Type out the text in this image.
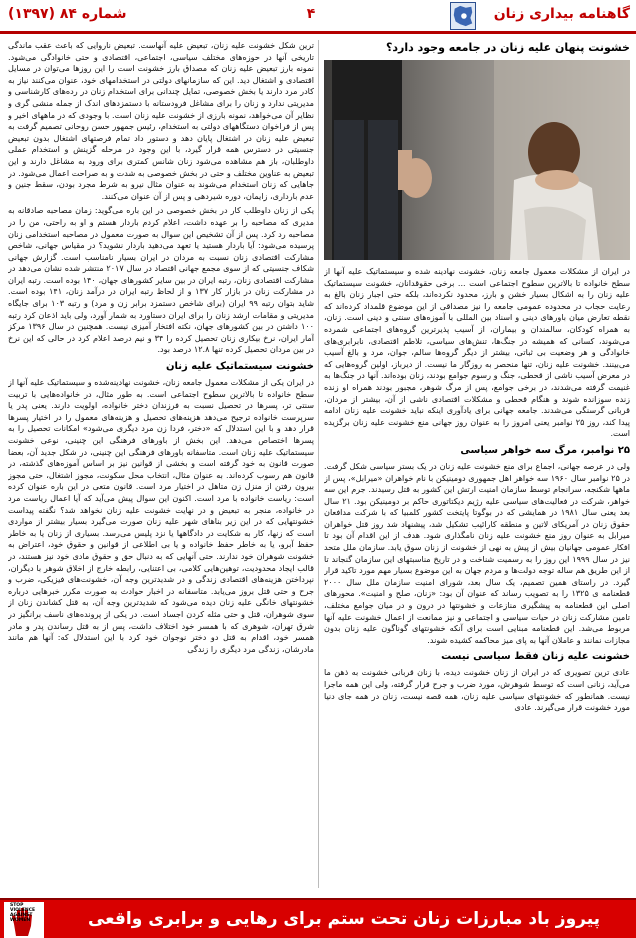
گاهنامه بیداری زنان
۴
شماره ۸۴ (۱۳۹۷)
خشونت پنهان علیه زنان در جامعه وجود دارد؟

در ایران از مشکلات معمول جامعه زنان، خشونت نهادینه شده و سیستماتیک علیه آنها از سطح خانواده تا بالاترین سطوح اجتماعی است ... برخی حقوقدانان، خشونت سیستماتیک علیه زنان را به اشکال بسیار خشن و بارز، محدود نکرده‌اند، بلکه حتی اجبار زنان بالغ به رعایت حجاب در محدوده عمومی جامعه را نیز مصداقی از این موضوع قلمداد کرده‌اند که نقطه تعارض میان باورهای دینی و اسناد بین المللی با آموزه‌های سنتی و دینی است. زنان، به همراه کودکان، سالمندان و بیماران، از آسیب پذیرترین گروه‌های اجتماعی شمرده می‌شوند، کسانی که همیشه در جنگ‌ها، تنش‌های سیاسی، تلاطم اقتصادی، نابرابری‌های خانوادگی و هر وضعیت بی ثباتی، بیشتر از دیگر گروه‌ها سالم، جوان، مرد و بالغ آسیب می‌بینند. خشونت علیه زنان، تنها منحصر به روزگار ما نیست. از دیرباز، اولین گروه‌هایی که در معرض آسیب ناشی از قحطی، جنگ و رسوم جوامع بودند، زنان بوده‌اند. آنها در جنگ‌ها به غنیمت گرفته می‌شدند، در برخی جوامع، پس از مرگ شوهر، مجبور بودند همراه او زنده زنده سوزانده شوند و هنگام قحطی و مشکلات اقتصادی ناشی از آن، بیشتر از مردان، قربانی گرسنگی می‌شدند. جامعه جهانی برای یادآوری اینکه نباید خشونت علیه زنان ادامه پیدا کند، روز ۲۵ نوامبر یعنی امروز را به عنوان روز جهانی منع خشونت علیه زنان برگزیده است.

۲۵ نوامبر، مرگ سه خواهر سیاسی

ولی در عرصه جهانی، اجماع برای منع خشونت علیه زنان در یک بستر سیاسی شکل گرفت. در ۲۵ نوامبر سال ۱۹۶۰ سه خواهر اهل جمهوری دومینیکن با نام خواهران «میرابل»، پس از ماهها شکنجه، سرانجام توسط سازمان امنیت ارتش این کشور به قتل رسیدند. جرم این سه خواهر، شرکت در فعالیت‌های سیاسی علیه رژیم دیکتاتوری حاکم بر دومینیکن بود. ۲۱ سال بعد یعنی سال ۱۹۸۱ در همایشی که در بوگوتا پایتخت کشور کلمبیا که با شرکت مدافعان حقوق زنان در آمریکای لاتین و منطقه کارائیب تشکیل شد، پیشنهاد شد روز قتل خواهران میرابل به عنوان روز منع خشونت علیه زنان نامگذاری شود. هدف از این اقدام آن بود تا افکار عمومی جهانیان بیش از پیش به نهی از خشونت از زنان سوق یابد. سازمان ملل متحد نیز در سال ۱۹۹۹ این روز را به رسمیت شناخت و در تاریخ مناسبتهای این سازمان گنجاند تا از این طریق هم ساله توجه دولت‌ها و مردم جهان به این موضوع بسیار مهم مورد تاکید قرار گیرد. در راستای همین تصمیم، یک سال بعد، شورای امنیت سازمان ملل سال ۲۰۰۰ قطعنامه ی ۱۳۲۵ را به تصویب رساند که عنوان آن بود: «زنان، صلح و امنیت». محورهای اصلی این قطعنامه به پیشگیری منازعات و خشونتها در درون و در میان جوامع مختلف، تامین مشارکت زنان در حیات سیاسی و اجتماعی و نیز ممانعت از اعمال خشونت علیه آنها مربوط می‌شد. این قطعنامه مبنایی است برای آنکه خشونتهای گوناگون علیه زنان بدون مجازات نمانند و عاملان آنها به پای میز محاکمه کشیده شوند.

خشونت علیه زنان فقط سیاسی نیست

عادی ترین تصویری که در ایران از زنان خشونت دیده، با زنان قربانی خشونت به ذهن ما می‌آید، زنانی است که توسط شوهرش، مورد ضرب و جرح قرار گرفته، ولی این همه ماجرا نیست. همانطور که خشونتهای سیاسی علیه زنان، همه قصه نیست، زنان در همه جای دنیا مورد خشونت قرار می‌گیرند. عادی

ترین شکل خشونت علیه زنان، تبعیض علیه آنهاست. تبعیض ناروایی که باعث عقب ماندگی تاریخی آنها در حوزه‌های مختلف سیاسی، اجتماعی، اقتصادی و حتی خانوادگی می‌شود. نمونه بارز تبعیض علیه زنان که مصداق بارز خشونت است را این روزها می‌توان در مسایل اقتصادی و اشتغال دید. این که سازمانهای دولتی در استخدامهای خود، عنوان می‌کنند نیاز به کادر مرد دارند یا بخش خصوصی، تمایل چندانی برای استخدام زنان در رده‌های کارشناسی و مدیریتی ندارد و زنان را برای مشاغل فرودستانه با دستمزدهای اندک از جمله منشی گری و نظایر آن می‌خواهد، نمونه بارزی از خشونت علیه زنان است. با وجودی که در ماههای اخیر و پس از فراخوان دستگاههای دولتی به استخدام، رئیس جمهور حسن روحانی تصمیم گرفت به تبعیض علیه زنان در اشتغال پایان دهد و دستور داد تمام فرصتهای اشتغال بدون تبعیض جنسیتی در دسترس همه قرار گیرد، با این وجود در مرحله گزینش و استخدام عملی داوطلبان، باز هم مشاهده می‌شود زنان شانس کمتری برای ورود به مشاغل دارند و این تبعیض به عناوین مختلف و حتی در بخش خصوصی به شدت و به صراحت اعمال می‌شود. در جاهایی که زنان استخدام می‌شوند به عنوان مثال نیرو به شرط مجرد بودن، سقط جنین و عدم بارداری، زایمان، دوره شیردهی و پس از آن عنوان می‌کنند.

یکی از زنان داوطلب کار در بخش خصوصی در این باره می‌گوید: زمان مصاحبه صادقانه به مدیری که مصاحبه را بر عهده داشت، اعلام کردم باردار هستم و او به راحتی، من را در مصاحبه رد کرد. پس از آن تشخیص این سوال به صورت معمول در مصاحبه استخدامی زنان پرسیده می‌شود: آیا باردار هستید یا تعهد می‌دهید باردار نشوید؟ در مقیاس جهانی، شاخص مشارکت اقتصادی زنان نسبت به مردان در ایران بسیار نامناسب است. گزارش جهانی شکاف جنسیتی که از سوی مجمع جهانی اقتصاد در سال ۲۰۱۷ منتشر شده نشان می‌دهد در مشارکت اقتصادی زنان، رتبه ایران در بین سایر کشورهای جهان، ۱۴۰ بوده است. رتبه ایران در مشارکت زنان در بازار کار ۱۳۷ و از لحاظ رتبه ایران در درآمد زنان، ۱۴۱ بوده است. شاید بتوان رتبه ۹۹ ایران (برای شاخص دستمزد برابر زن و مرد) و رتبه ۱۰۳ برای جایگاه مدیریتی و مقامات ارشد زنان را برای ایران دستاورد به شمار آورد، ولی باید اذعان کرد رتبه ۱۰۰ داشتن در بین کشورهای جهان، نکته افتخار آمیزی نیست. همچنین در سال ۱۳۹۶ مرکز آمار ایران، نرخ بیکاری زنان تحصیل کرده را ۳۴ و نیم درصد اعلام کرد در حالی که این نرخ در بین مردان تحصیل کرده تنها ۱۲.۸ درصد بود.

خشونت سیستماتیک علیه زنان

در ایران یکی از مشکلات معمول جامعه زنان، خشونت نهادینه‌شده و سیستماتیک علیه آنها از سطح خانواده تا بالاترین سطوح اجتماعی است. به طور مثال، در خانواده‌هایی با تربیت سنتی تر، پسرها در تحصیل نسبت به فرزندان دختر خانواده، اولویت دارند. یعنی پدر یا سرپرست خانواده ترجیح می‌دهد هزینه‌های تحصیل و هزینه‌های معمول را در اختیار پسرها قرار دهد و با این استدلال که «دختر، فردا زن مرد دیگری می‌شود» امکانات تحصیل را به پسرها اختصاص می‌دهد. این بخش از باورهای فرهنگی این چنینی، نوعی خشونت سیستماتیک علیه زنان است. متاسفانه باورهای فرهنگی این چنینی، در شکل جدید آن، بعضا صورت قانون به خود گرفته است و بخشی از قوانین نیز بر اساس آموزه‌های گذشته، در قانون هم رسوب کرده‌اند. به عنوان مثال، انتخاب محل سکونت، مجوز اشتغال، حتی مجوز بیرون رفتن از منزل زن متاهل در اختیار مرد است. قانون متعی در این باره عنوان کرده است: ریاست خانواده با مرد است. اکنون این سوال پیش می‌آید که آیا اعمال ریاست مرد در خانواده، منجر به تبعیض و در نهایت خشونت علیه زنان نخواهد شد؟ نگفته پیداست خشونتهایی که در این زیر بناهای شهر علیه زنان صورت می‌گیرد بسیار بیشتر از مواردی است که زنها، کار به شکایت در دادگاهها یا نزد پلیس می‌رسد. بسیاری از زنان یا به خاطر حفظ آبرو، یا به خاطر حفظ خانواده و یا بی اطلاعی از قوانین و حقوق خود، اعتراض به خشونت شوهران خود ندارند. حتی آنهایی که به دنبال حق و حقوق مادی خود نیز هستند، در قالب ایجاد محدودیت، توهین‌هایی کلامی، بی اعتنایی، رابطه خارج از اخلاق شوهر با دیگران، نپرداختن هزینه‌های اقتصادی زندگی و در شدیدترین وجه آن، خشونت‌های فیزیکی، ضرب و جرح و حتی قتل بروز می‌یابد. متاسفانه در اخبار حوادث به صورت مکرر خبرهایی درباره خشونتهای خانگی علیه زنان دیده می‌شود که شدیدترین وجه آن، به قتل کشاندن زنان از سوی شوهران، قتل و حتی مثله کردن اجساد است. در یکی از پرونده‌های ناسف برانگیز در شرق تهران، شوهری که با همسر خود اختلاف داشت، پس از به قتل رساندن پدر و مادر همسر خود، اقدام به قتل دو دختر نوجوان خود کرد با این استدلال که: آنها هم مانند مادرشان، زندگی مرد دیگری را زندگی

STOP VIOLENCE AGAINST WOMEN	پیروز باد مبارزات زنان تحت ستم برای رهایی و برابری واقعی
